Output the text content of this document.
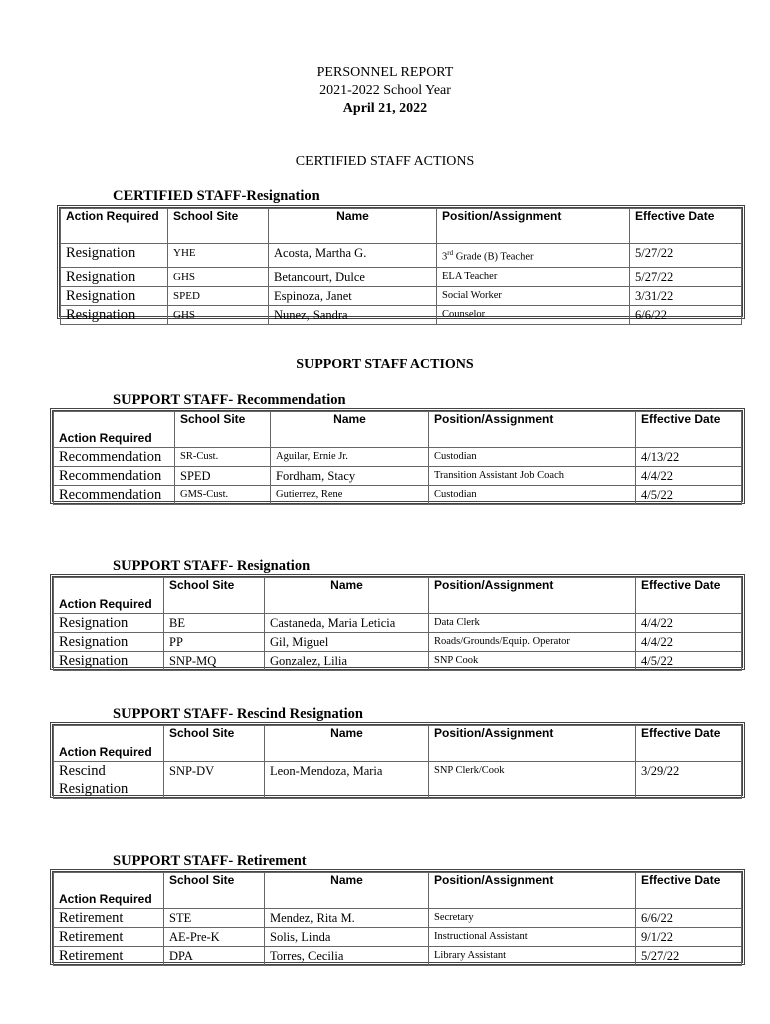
PERSONNEL REPORT
2021-2022 School Year
April 21, 2022
CERTIFIED STAFF ACTIONS
CERTIFIED STAFF-Resignation
Action Required	School Site	Name	Position/Assignment	Effective Date
Resignation	YHE	Acosta, Martha G.	3rd Grade (B) Teacher	5/27/22
Resignation	GHS	Betancourt, Dulce	ELA Teacher	5/27/22
Resignation	SPED	Espinoza, Janet	Social Worker	3/31/22
Resignation	GHS	Nunez, Sandra	Counselor	6/6/22
SUPPORT STAFF ACTIONS
SUPPORT STAFF- Recommendation
Action Required	School Site	Name	Position/Assignment	Effective Date
Recommendation	SR-Cust.	Aguilar, Ernie Jr.	Custodian	4/13/22
Recommendation	SPED	Fordham, Stacy	Transition Assistant Job Coach	4/4/22
Recommendation	GMS-Cust.	Gutierrez, Rene	Custodian	4/5/22
SUPPORT STAFF- Resignation
Action Required	School Site	Name	Position/Assignment	Effective Date
Resignation	BE	Castaneda, Maria Leticia	Data Clerk	4/4/22
Resignation	PP	Gil, Miguel	Roads/Grounds/Equip. Operator	4/4/22
Resignation	SNP-MQ	Gonzalez, Lilia	SNP Cook	4/5/22
SUPPORT STAFF- Rescind Resignation
Action Required	School Site	Name	Position/Assignment	Effective Date
Rescind Resignation	SNP-DV	Leon-Mendoza, Maria	SNP Clerk/Cook	3/29/22
SUPPORT STAFF- Retirement
Action Required	School Site	Name	Position/Assignment	Effective Date
Retirement	STE	Mendez, Rita M.	Secretary	6/6/22
Retirement	AE-Pre-K	Solis, Linda	Instructional Assistant	9/1/22
Retirement	DPA	Torres, Cecilia	Library Assistant	5/27/22
